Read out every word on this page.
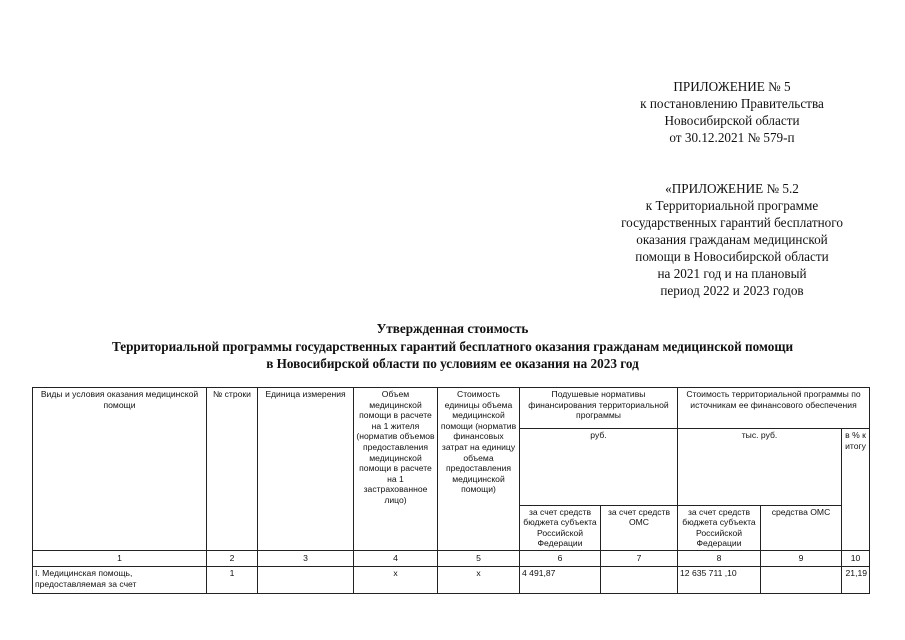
ПРИЛОЖЕНИЕ № 5
к постановлению Правительства
Новосибирской области
от 30.12.2021 № 579-п
«ПРИЛОЖЕНИЕ № 5.2
к Территориальной программе
государственных гарантий бесплатного
оказания гражданам медицинской
помощи в Новосибирской области
на 2021 год и на плановый
период 2022 и 2023 годов
Утвержденная стоимость
Территориальной программы государственных гарантий бесплатного оказания гражданам медицинской помощи
в Новосибирской области по условиям ее оказания на 2023 год
Виды и условия оказания медицинской помощи	№ строки	Единица измерения	Объем медицинской помощи в расчете на 1 жителя (норматив объемов предоставления медицинской помощи в расчете на 1 застрахованное лицо)	Стоимость единицы объема медицинской помощи (норматив финансовых затрат на единицу объема предоставления медицинской помощи)	Подушевые нормативы финансирования территориальной программы		Стоимость территориальной программы по источникам ее финансового обеспечения		
					руб.		тыс. руб.		в % к итогу
					за счет средств бюджета субъекта Российской Федерации	за счет средств ОМС	за счет средств бюджета субъекта Российской Федерации	средства ОМС	
1	2	3	4	5	6	7	8	9	10
I. Медицинская помощь, предоставляемая за счет	1		х	х	4 491,87		12 635 711 ,10		21,19
